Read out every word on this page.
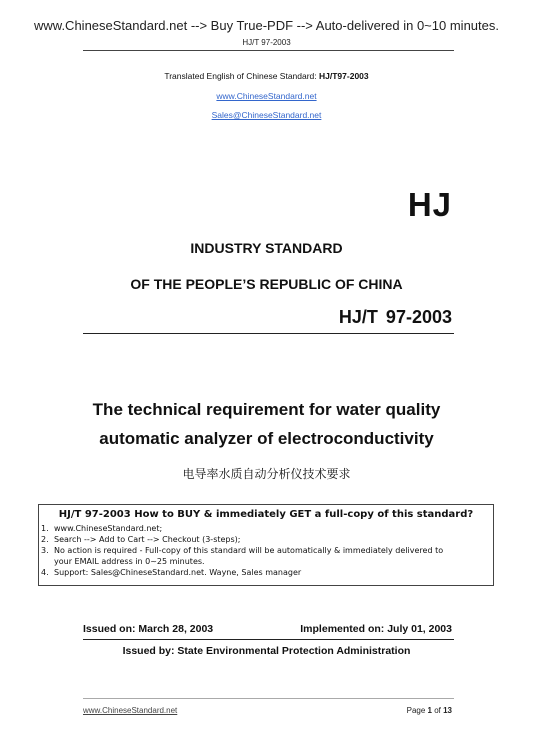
www.ChineseStandard.net --> Buy True-PDF --> Auto-delivered in 0~10 minutes.
HJ/T 97-2003
Translated English of Chinese Standard: HJ/T97-2003
www.ChineseStandard.net
Sales@ChineseStandard.net
HJ
INDUSTRY STANDARD
OF THE PEOPLE’S REPUBLIC OF CHINA
HJ/T 97-2003
The technical requirement for water quality
automatic analyzer of electroconductivity
电导率水质自动分析仪技术要求
HJ/T 97-2003 How to BUY & immediately GET a full-copy of this standard?
1. www.ChineseStandard.net;
2. Search --> Add to Cart --> Checkout (3-steps);
3. No action is required - Full-copy of this standard will be automatically & immediately delivered to
your EMAIL address in 0~25 minutes.
4. Support: Sales@ChineseStandard.net. Wayne, Sales manager
Issued on: March 28, 2003	Implemented on: July 01, 2003
Issued by: State Environmental Protection Administration
www.ChineseStandard.net	Page 1 of 13
